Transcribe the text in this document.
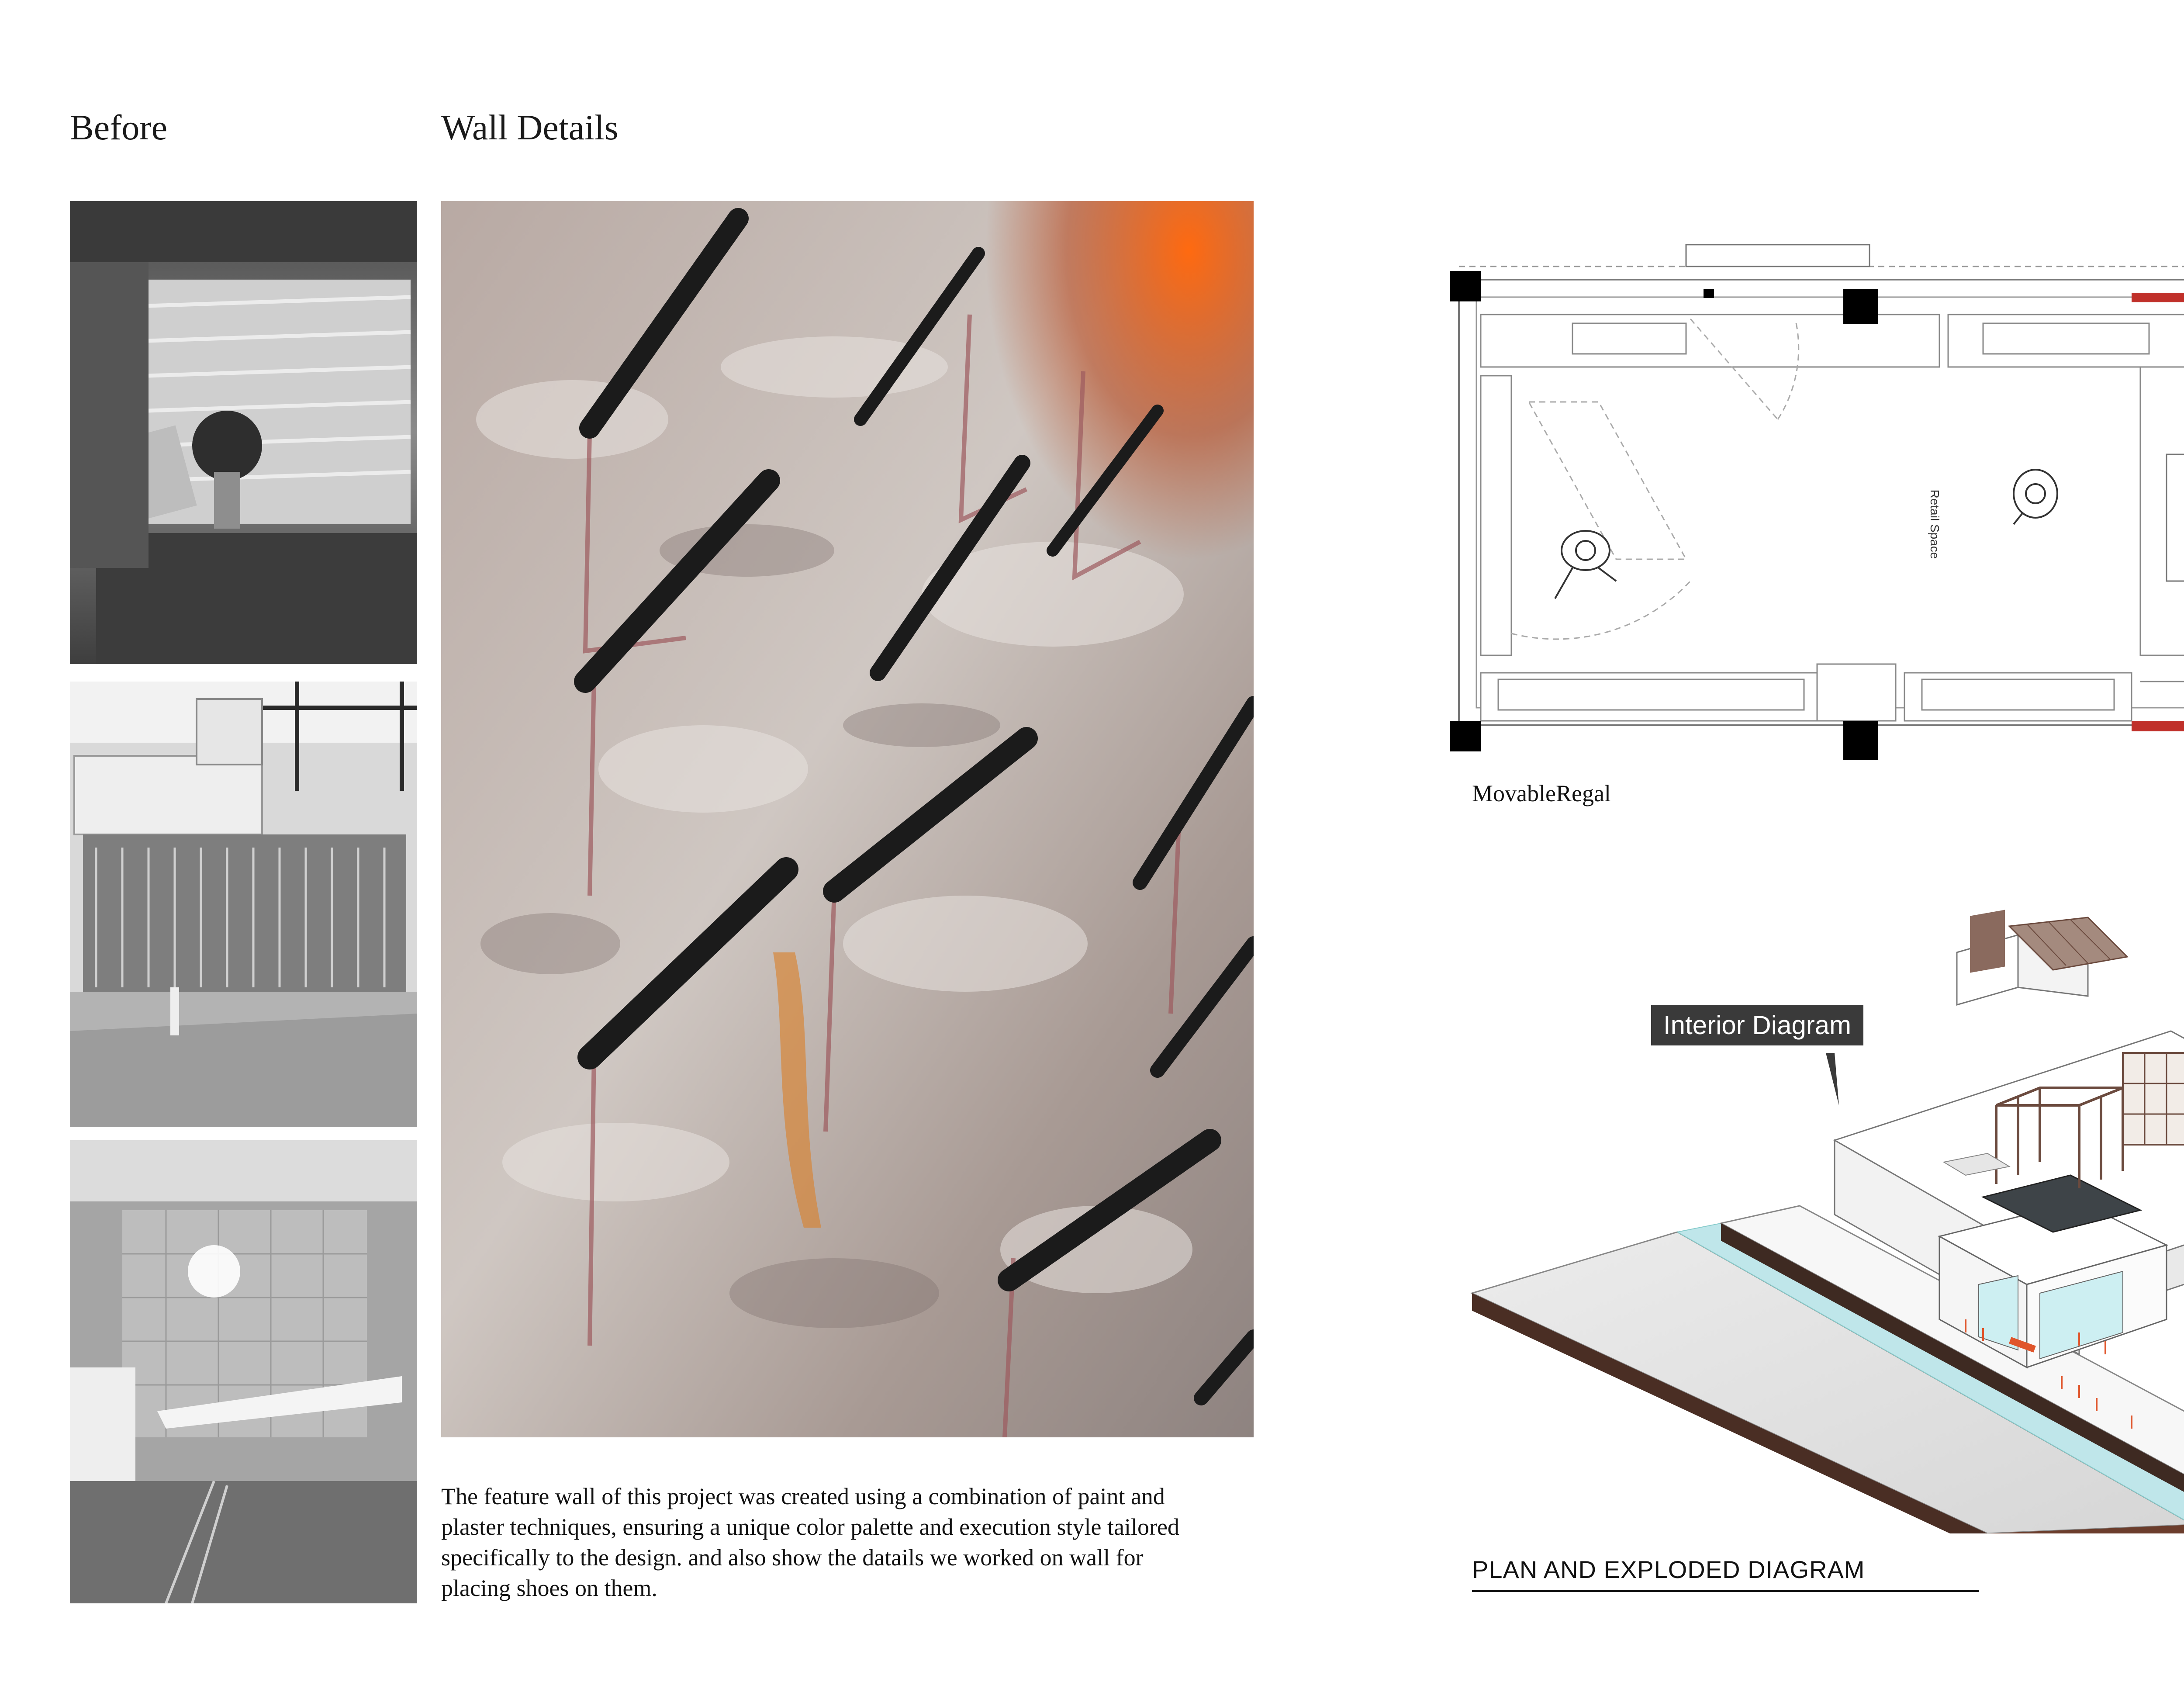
Before	Wall Details
The feature wall of this project was created using a combination of paint and
plaster techniques, ensuring a unique color palette and execution style tailored
specifically to the design. and also show the datails we worked on wall for
placing shoes on them.
Retail Space
MovableRegal
Interior Diagram
PLAN AND EXPLODED DIAGRAM
